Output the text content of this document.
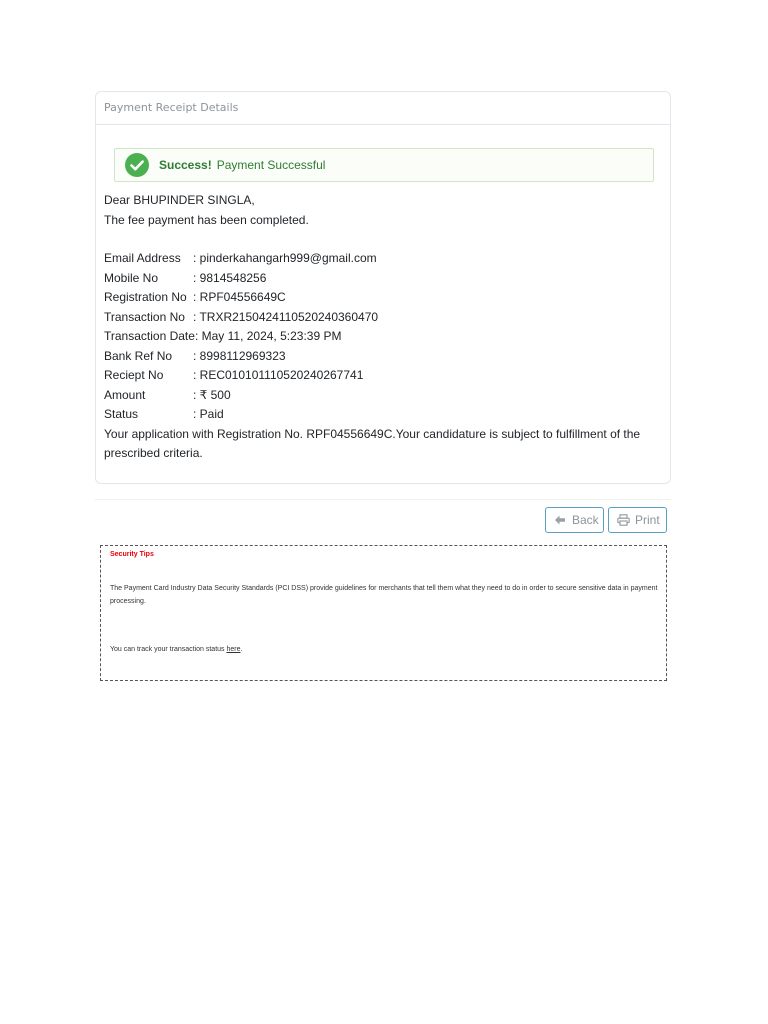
Payment Receipt Details
Success! Payment Successful
Dear BHUPINDER SINGLA,
The fee payment has been completed.
Email Address : pinderkahangarh999@gmail.com
Mobile No	: 9814548256
Registration No : RPF04556649C
Transaction No : TRXR2150424110520240360470
Transaction Date: May 11, 2024, 5:23:39 PM
Bank Ref No : 8998112969323
Reciept No : REC010101110520240267741
Amount	: ₹ 500
Status	: Paid
Your application with Registration No. RPF04556649C.Your candidature is subject to fulfillment of the prescribed criteria.
Back	Print
Security Tips
The Payment Card Industry Data Security Standards (PCI DSS) provide guidelines for merchants that tell them what they need to do in order to secure sensitive data in payment processing.
You can track your transaction status here.
